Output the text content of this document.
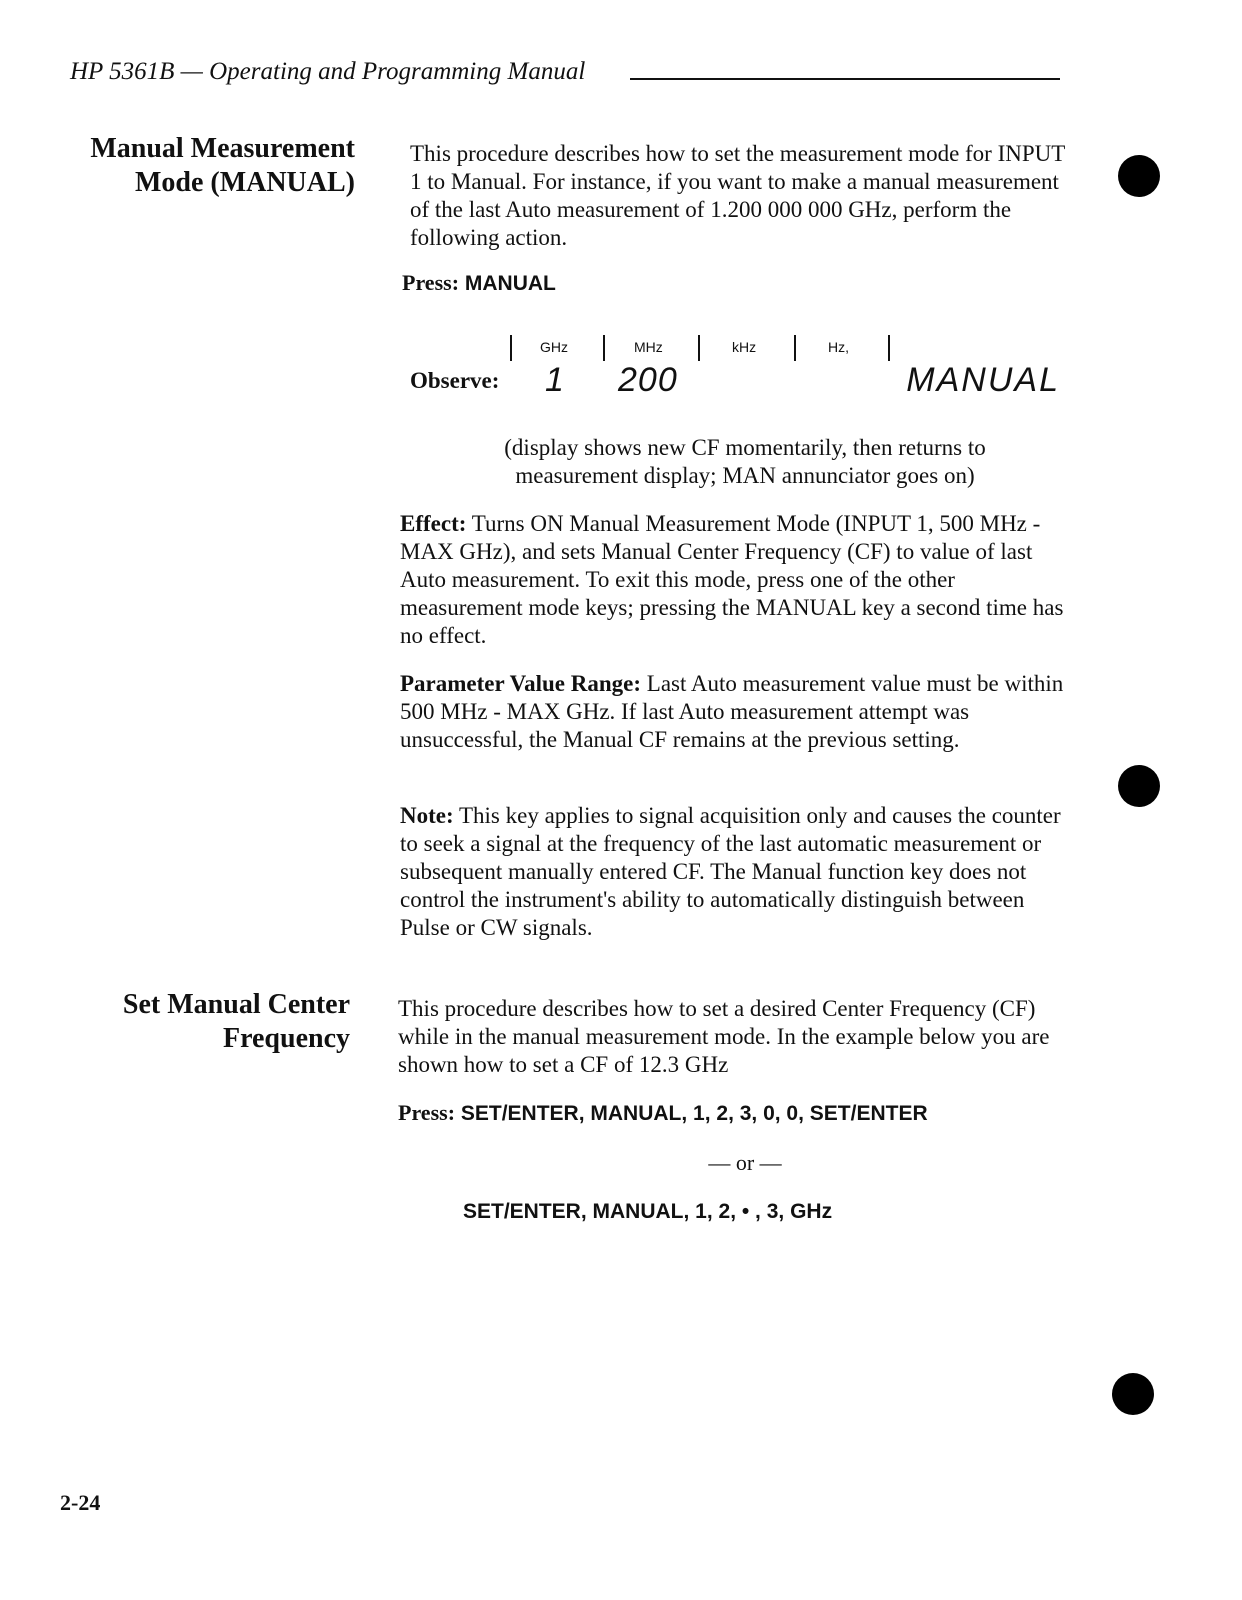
HP 5361B — Operating and Programming Manual
Manual Measurement
Mode (MANUAL)

This procedure describes how to set the measurement mode for INPUT 1 to Manual. For instance, if you want to make a manual measurement of the last Auto measurement of 1.200 000 000 GHz, perform the following action.

Press: MANUAL
Observe:
GHz	MHz	kHz	Hz,
1 200	MANUAL
(display shows new CF momentarily, then returns to
measurement display; MAN annunciator goes on)

Effect: Turns ON Manual Measurement Mode (INPUT 1, 500 MHz - MAX GHz), and sets Manual Center Frequency (CF) to value of last Auto measurement. To exit this mode, press one of the other measurement mode keys; pressing the MANUAL key a second time has no effect.

Parameter Value Range: Last Auto measurement value must be within 500 MHz - MAX GHz. If last Auto measurement attempt was unsuccessful, the Manual CF remains at the previous setting.

Note: This key applies to signal acquisition only and causes the counter to seek a signal at the frequency of the last automatic measurement or subsequent manually entered CF. The Manual function key does not control the instrument's ability to automatically distinguish between Pulse or CW signals.

Set Manual Center
Frequency

This procedure describes how to set a desired Center Frequency (CF) while in the manual measurement mode. In the example below you are shown how to set a CF of 12.3 GHz

Press: SET/ENTER, MANUAL, 1, 2, 3, 0, 0, SET/ENTER
— or —
SET/ENTER, MANUAL, 1, 2, • , 3, GHz
2-24
